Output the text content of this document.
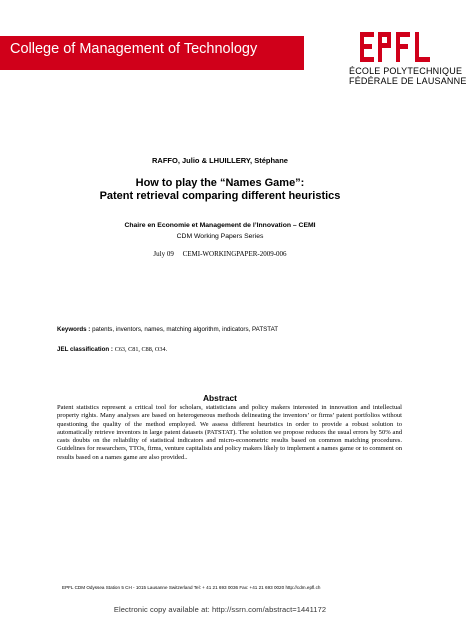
College of Management of Technology
ÉCOLE POLYTECHNIQUE
FÉDÉRALE DE LAUSANNE
RAFFO, Julio & LHUILLERY, Stéphane
How to play the “Names Game”:
Patent retrieval comparing different heuristics
Chaire en Economie et Management de l’Innovation – CEMI
CDM Working Papers Series
July 09 CEMI-WORKINGPAPER-2009-006
Keywords : patents, inventors, names, matching algorithm, indicators, PATSTAT
JEL classification : C63, C81, C88, O34.
Abstract
Patent statistics represent a critical tool for scholars, statisticians and policy makers interested in innovation and intellectual property rights. Many analyses are based on heterogeneous methods delineating the inventors’ or firms’ patent portfolios without questioning the quality of the method employed. We assess different heuristics in order to provide a robust solution to automatically retrieve inventors in large patent datasets (PATSTAT). The solution we propose reduces the usual errors by 50% and casts doubts on the reliability of statistical indicators and micro-econometric results based on common matching procedures. Guidelines for researchers, TTOs, firms, venture capitalists and policy makers likely to implement a names game or to comment on results based on a names game are also provided..
EPFL CDM Odyssea Station 5 CH - 1015 Lausanne Switzerland Tel: + 41 21 693 0036 Fax: +41 21 693 0020 http://cdm.epfl.ch
Electronic copy available at: http://ssrn.com/abstract=1441172
